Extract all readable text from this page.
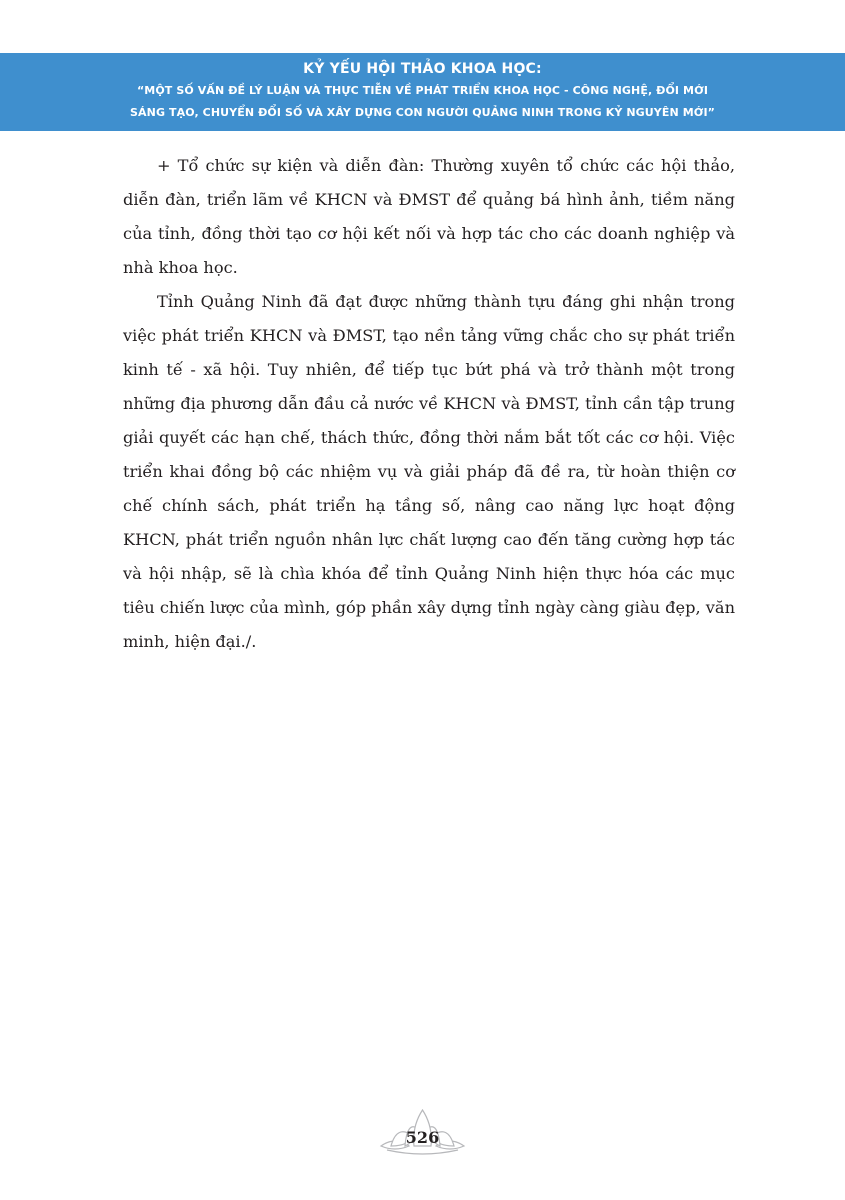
KỶ YẾU HỘI THẢO KHOA HỌC:
“MỘT SỐ VẤN ĐỀ LÝ LUẬN VÀ THỰC TIỄN VỀ PHÁT TRIỂN KHOA HỌC - CÔNG NGHỆ, ĐỔI MỚI
SÁNG TẠO, CHUYỂN ĐỔI SỐ VÀ XÂY DỰNG CON NGƯỜI QUẢNG NINH TRONG KỶ NGUYÊN MỚI”

+ Tổ chức sự kiện và diễn đàn: Thường xuyên tổ chức các hội thảo, diễn đàn, triển lãm về KHCN và ĐMST để quảng bá hình ảnh, tiềm năng của tỉnh, đồng thời tạo cơ hội kết nối và hợp tác cho các doanh nghiệp và nhà khoa học.

Tỉnh Quảng Ninh đã đạt được những thành tựu đáng ghi nhận trong việc phát triển KHCN và ĐMST, tạo nền tảng vững chắc cho sự phát triển kinh tế - xã hội. Tuy nhiên, để tiếp tục bứt phá và trở thành một trong những địa phương dẫn đầu cả nước về KHCN và ĐMST, tỉnh cần tập trung giải quyết các hạn chế, thách thức, đồng thời nắm bắt tốt các cơ hội. Việc triển khai đồng bộ các nhiệm vụ và giải pháp đã đề ra, từ hoàn thiện cơ chế chính sách, phát triển hạ tầng số, nâng cao năng lực hoạt động KHCN, phát triển nguồn nhân lực chất lượng cao đến tăng cường hợp tác và hội nhập, sẽ là chìa khóa để tỉnh Quảng Ninh hiện thực hóa các mục tiêu chiến lược của mình, góp phần xây dựng tỉnh ngày càng giàu đẹp, văn minh, hiện đại./.

526
